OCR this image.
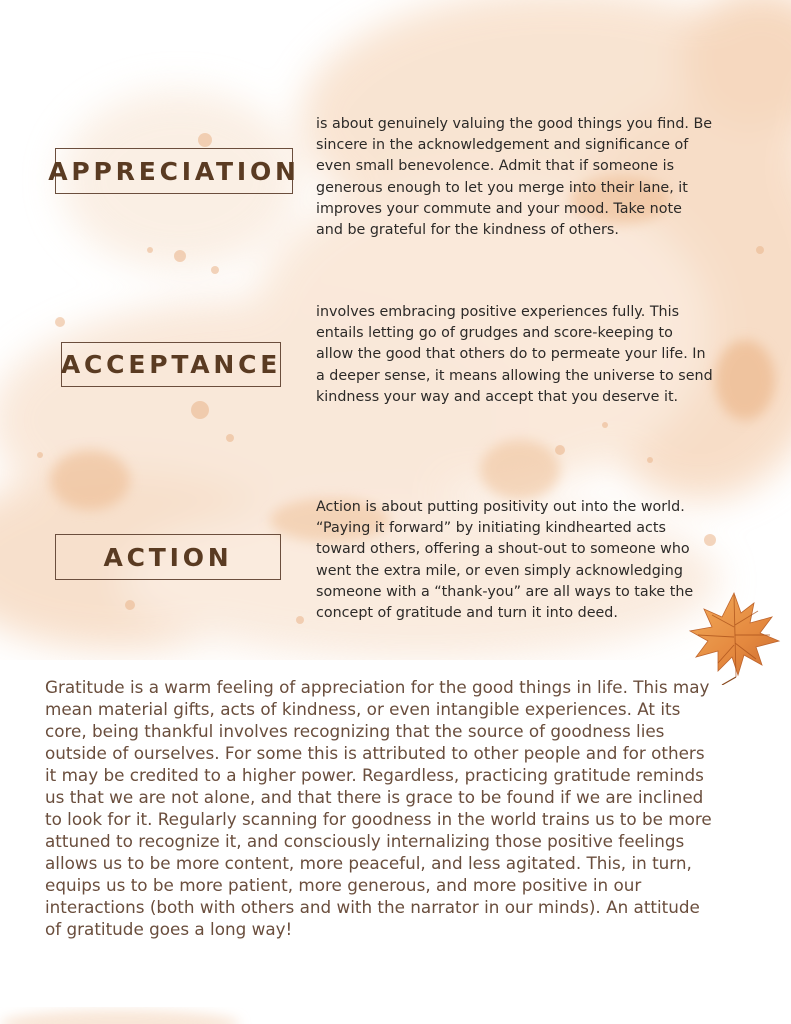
APPRECIATION

is about genuinely valuing the good things you find. Be
sincere in the acknowledgement and significance of
even small benevolence. Admit that if someone is
generous enough to let you merge into their lane, it
improves your commute and your mood. Take note
and be grateful for the kindness of others.

ACCEPTANCE

involves embracing positive experiences fully. This
entails letting go of grudges and score-keeping to
allow the good that others do to permeate your life. In
a deeper sense, it means allowing the universe to send
kindness your way and accept that you deserve it.

ACTION

Action is about putting positivity out into the world.
“Paying it forward” by initiating kindhearted acts
toward others, offering a shout-out to someone who
went the extra mile, or even simply acknowledging
someone with a “thank-you” are all ways to take the
concept of gratitude and turn it into deed.

Gratitude is a warm feeling of appreciation for the good things in life. This may
mean material gifts, acts of kindness, or even intangible experiences. At its
core, being thankful involves recognizing that the source of goodness lies
outside of ourselves. For some this is attributed to other people and for others
it may be credited to a higher power. Regardless, practicing gratitude reminds
us that we are not alone, and that there is grace to be found if we are inclined
to look for it. Regularly scanning for goodness in the world trains us to be more
attuned to recognize it, and consciously internalizing those positive feelings
allows us to be more content, more peaceful, and less agitated. This, in turn,
equips us to be more patient, more generous, and more positive in our
interactions (both with others and with the narrator in our minds). An attitude
of gratitude goes a long way!
